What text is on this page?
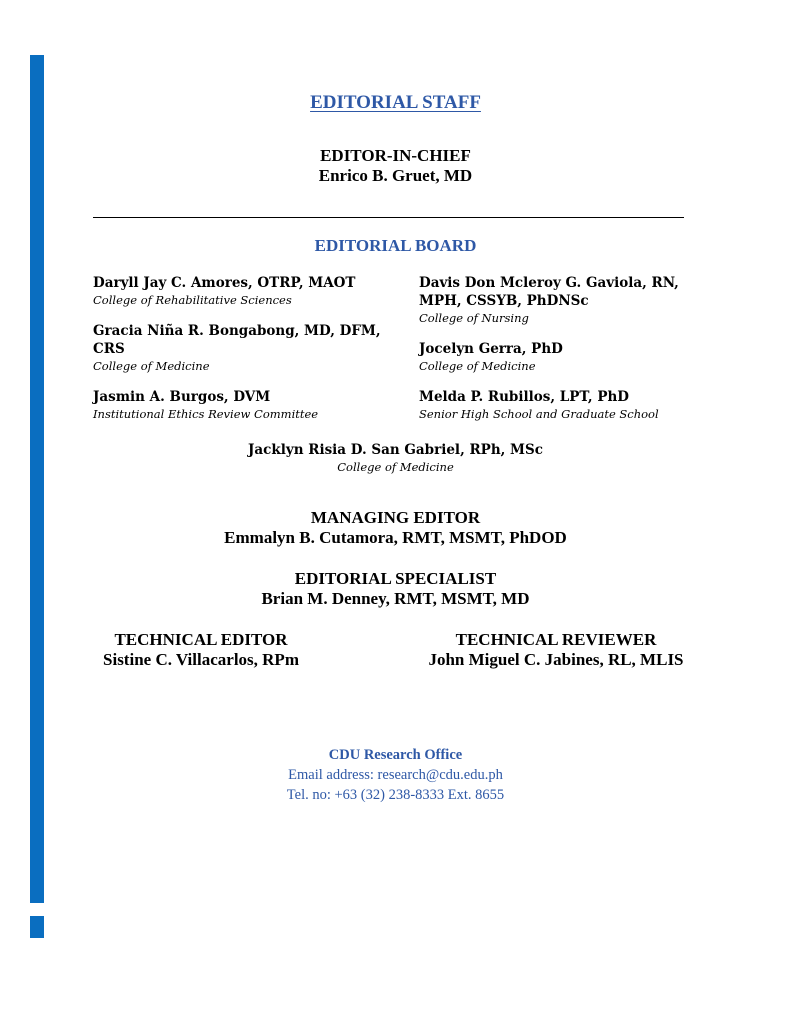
EDITORIAL STAFF
EDITOR-IN-CHIEF
Enrico B. Gruet, MD
EDITORIAL BOARD
Daryll Jay C. Amores, OTRP, MAOT
College of Rehabilitative Sciences
Davis Don Mcleroy G. Gaviola, RN, MPH, CSSYB, PhDNSc
College of Nursing
Gracia Niña R. Bongabong, MD, DFM, CRS
College of Medicine
Jocelyn Gerra, PhD
College of Medicine
Jasmin A. Burgos, DVM
Institutional Ethics Review Committee
Melda P. Rubillos, LPT, PhD
Senior High School and Graduate School
Jacklyn Risia D. San Gabriel, RPh, MSc
College of Medicine
MANAGING EDITOR
Emmalyn B. Cutamora, RMT, MSMT, PhDOD
EDITORIAL SPECIALIST
Brian M. Denney, RMT, MSMT, MD
TECHNICAL EDITOR
Sistine C. Villacarlos, RPm
TECHNICAL REVIEWER
John Miguel C. Jabines, RL, MLIS
CDU Research Office
Email address: research@cdu.edu.ph
Tel. no: +63 (32) 238-8333 Ext. 8655
